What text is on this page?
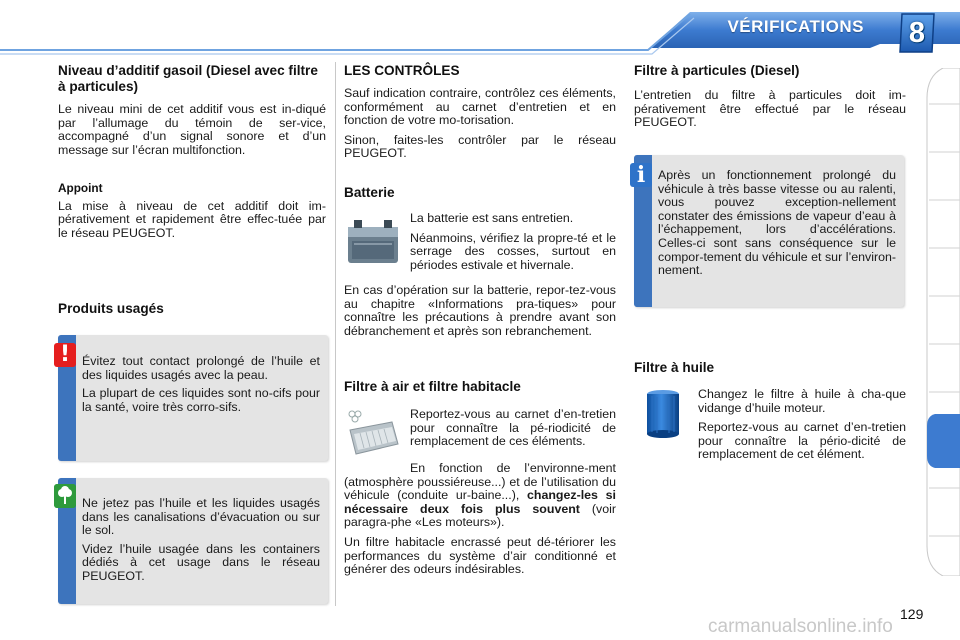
VÉRIFICATIONS	8
Niveau d’additif gasoil (Diesel avec filtre à particules)

Le niveau mini de cet additif vous est in-diqué par l’allumage du témoin de ser-vice, accompagné d’un signal sonore et d’un message sur l’écran multifonction.

Appoint

La mise à niveau de cet additif doit im-pérativement et rapidement être effec-tuée par le réseau PEUGEOT.

Produits usagés
! Évitez tout contact prolongé de l’huile et des liquides usagés avec la peau.

La plupart de ces liquides sont no-cifs pour la santé, voire très corro-sifs.

Ne jetez pas l’huile et les liquides usagés dans les canalisations d’évacuation ou sur le sol.

Videz l’huile usagée dans les containers dédiés à cet usage dans le réseau PEUGEOT.

LES CONTRÔLES

Sauf indication contraire, contrôlez ces éléments, conformément au carnet d’entretien et en fonction de votre mo-torisation.

Sinon, faites-les contrôler par le réseau PEUGEOT.

Batterie

La batterie est sans entretien.

Néanmoins, vérifiez la propre-té et le serrage des cosses, surtout en périodes estivale et hivernale.

En cas d’opération sur la batterie, repor-tez-vous au chapitre «Informations pra-tiques» pour connaître les précautions à prendre avant son débranchement et après son rebranchement.

Filtre à air et filtre habitacle

Reportez-vous au carnet d’en-tretien pour connaître la pé-riodicité de remplacement de ces éléments.

En fonction de l’environne-ment (atmosphère poussiéreuse...) et de l’utilisation du véhicule (conduite ur-baine...), changez-les si nécessaire deux fois plus souvent (voir paragra-phe «Les moteurs»).

Un filtre habitacle encrassé peut dé-tériorer les performances du système d’air conditionné et générer des odeurs indésirables.

Filtre à particules (Diesel)

L’entretien du filtre à particules doit im-pérativement être effectué par le réseau PEUGEOT.

i	Après un fonctionnement prolongé du véhicule à très basse vitesse ou au ralenti, vous pouvez exception-nellement constater des émissions de vapeur d’eau à l’échappement, lors d’accélérations. Celles-ci sont sans conséquence sur le compor-tement du véhicule et sur l’environ-nement.

Filtre à huile

Changez le filtre à huile à cha-que vidange d’huile moteur.

Reportez-vous au carnet d’en-tretien pour connaître la pério-dicité de remplacement de cet élément.

129
carmanualsonline.info
